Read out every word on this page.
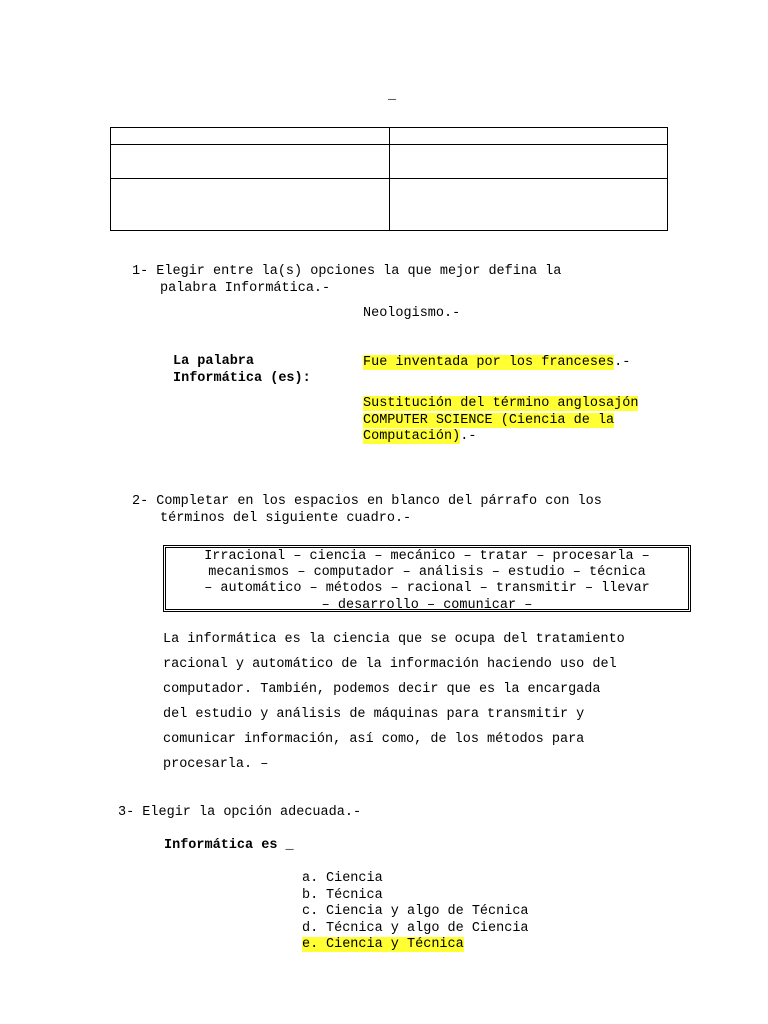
_

1- Elegir entre la(s) opciones la que mejor defina la
palabra Informática.-
La palabra
Informática (es):
Neologismo.-
Fue inventada por los franceses.-
Sustitución del término anglosajón
COMPUTER SCIENCE (Ciencia de la
Computación).-
2- Completar en los espacios en blanco del párrafo con los
términos del siguiente cuadro.-
Irracional – ciencia – mecánico – tratar – procesarla –
mecanismos – computador – análisis – estudio – técnica
– automático – métodos – racional – transmitir – llevar
– desarrollo – comunicar –
La informática es la ciencia que se ocupa del tratamiento
racional y automático de la información haciendo uso del
computador. También, podemos decir que es la encargada
del estudio y análisis de máquinas para transmitir y
comunicar información, así como, de los métodos para
procesarla. –
3- Elegir la opción adecuada.-
Informática es _
a. Ciencia
b. Técnica
c. Ciencia y algo de Técnica
d. Técnica y algo de Ciencia
e. Ciencia y Técnica
